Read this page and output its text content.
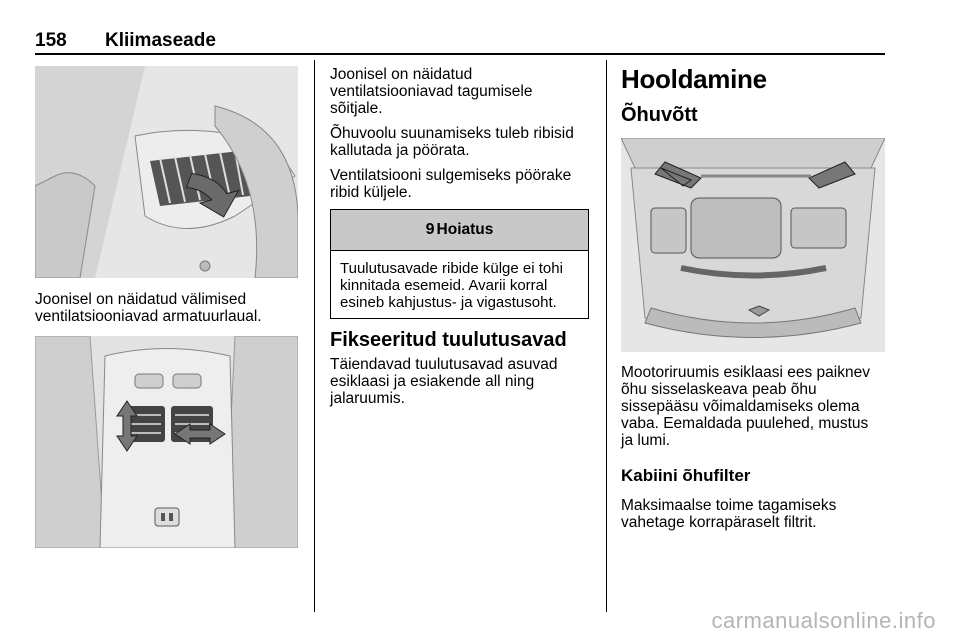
158 Kliimaseade

Joonisel on näidatud välimised
ventilatsiooniavad armatuurlaual.

Joonisel on näidatud
ventilatsiooniavad tagumisele
sõitjale.

Õhuvoolu suunamiseks tuleb ribisid
kallutada ja pöörata.

Ventilatsiooni sulgemiseks pöörake
ribid küljele.

9 Hoiatus
Tuulutusavade ribide külge ei tohi
kinnitada esemeid. Avarii korral
esineb kahjustus- ja vigastusoht.
Fikseeritud tuulutusavad

Täiendavad tuulutusavad asuvad
esiklaasi ja esiakende all ning
jalaruumis.

Hooldamine
Õhuvõtt

Mootoriruumis esiklaasi ees paiknev
õhu sisselaskeava peab õhu
sissepääsu võimaldamiseks olema
vaba. Eemaldada puulehed, mustus
ja lumi.

Kabiini õhufilter

Maksimaalse toime tagamiseks
vahetage korrapäraselt filtrit.

carmanualsonline.info
